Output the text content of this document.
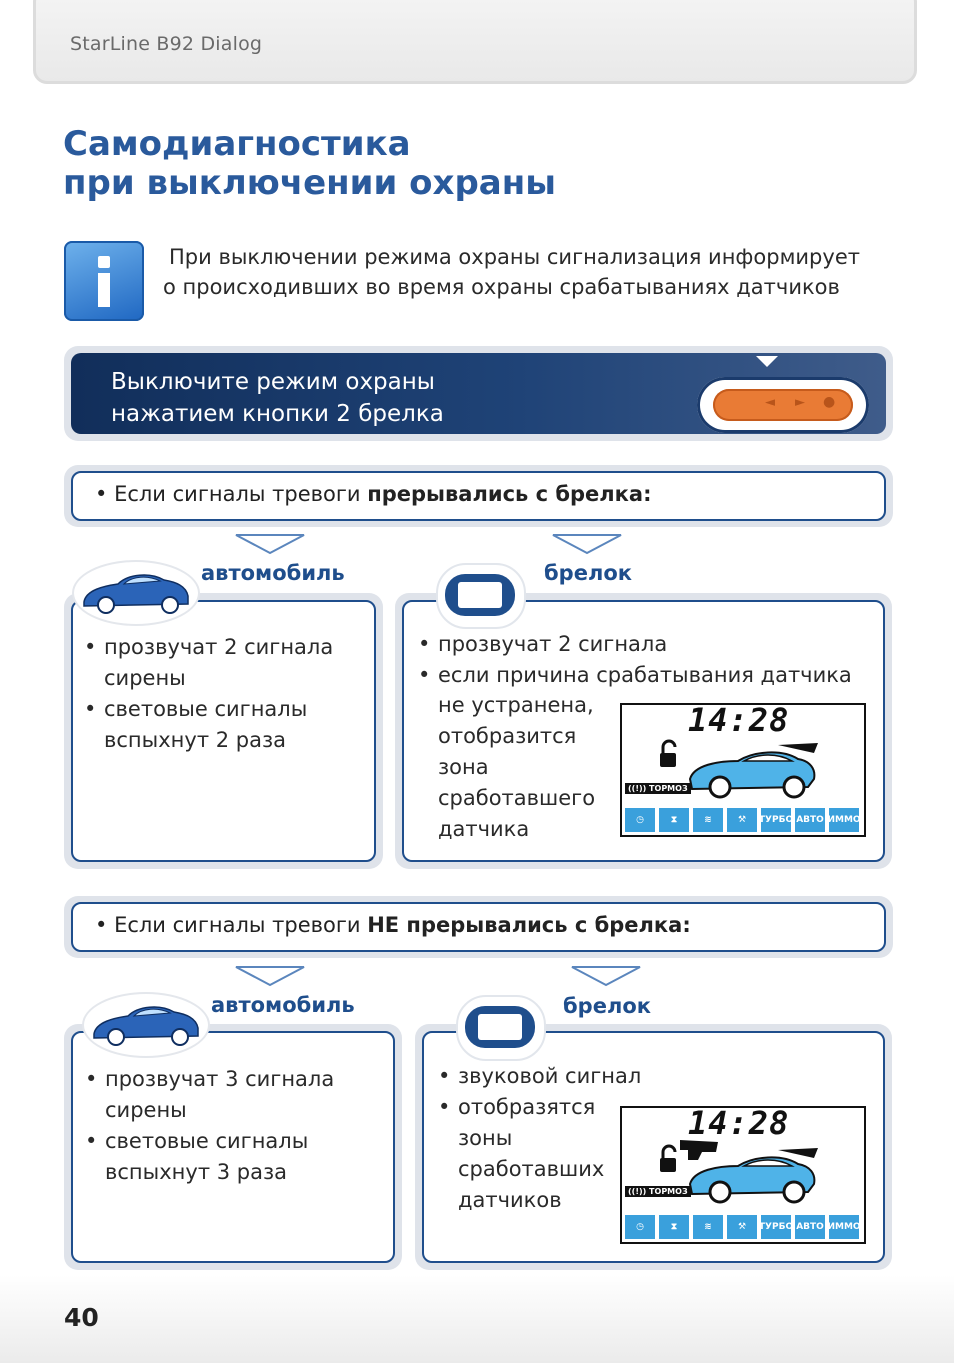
StarLine B92 Dialog
Самодиагностика
при выключении охраны

При выключении режима охраны сигнализация информирует

о происходивших во время охраны срабатываниях датчиков

Выключите режим охраны

нажатием кнопки 2 брелка	◄ ► ●
• Если сигналы тревоги прерывались с брелка:
автомобиль
• прозвучат 2 сигнала сирены
• световые сигналы вспыхнут 2 раза
брелок
• прозвучат 2 сигнала
• если причина срабатывания датчика
не устранена,
отобразится
зона
сработавшего
датчика
14:28
((!)) ТОРМОЗ
◷	⧗	≋	⚒	ТУРБО АВТО ИММО
• Если сигналы тревоги НЕ прерывались с брелка:
автомобиль
• прозвучат 3 сигнала сирены
• световые сигналы вспыхнут 3 раза
брелок
• звуковой сигнал
• отобразятся
зоны
сработавших
датчиков
14:28
((!)) ТОРМОЗ
◷	⧗	≋	⚒	ТУРБО АВТО ИММО
40
